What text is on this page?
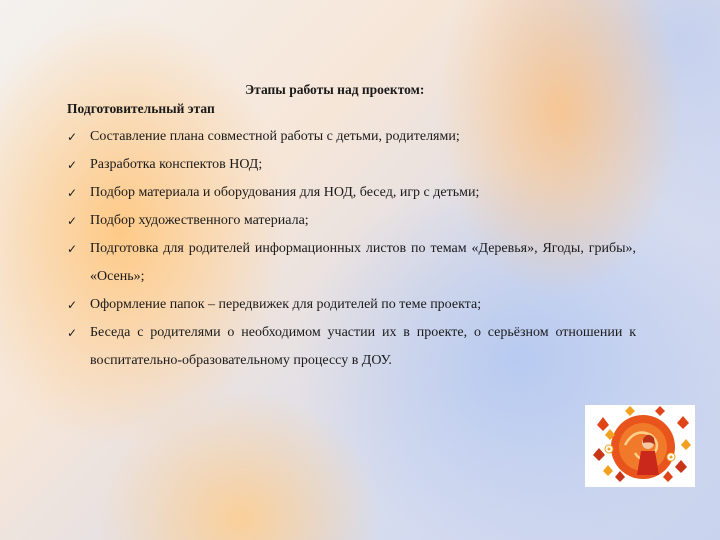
Этапы работы над проектом:
Подготовительный этап
✓ Составление плана совместной работы с детьми, родителями;
✓ Разработка конспектов НОД;
✓ Подбор материала и оборудования для НОД, бесед, игр с детьми;
✓ Подбор художественного материала;
✓ Подготовка для родителей информационных листов по темам «Деревья», Ягоды, грибы», «Осень»;
✓ Оформление папок – передвижек для родителей по теме проекта;
✓ Беседа с родителями о необходимом участии их в проекте, о серьёзном отношении к воспитательно-образовательному процессу в ДОУ.
